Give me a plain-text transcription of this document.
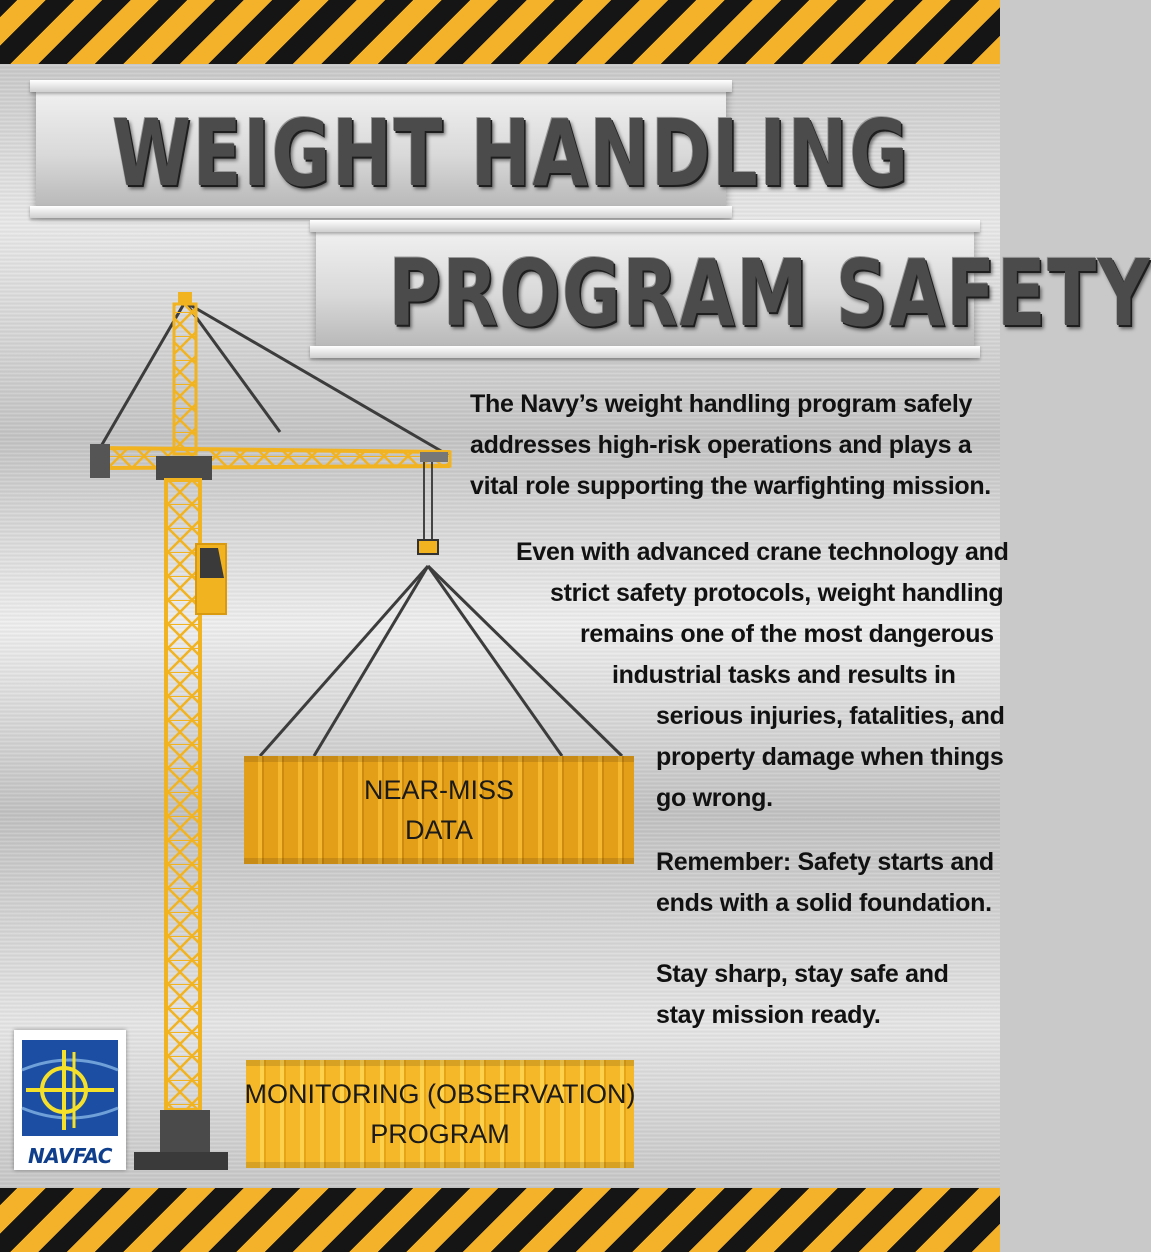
WEIGHT HANDLING
PROGRAM SAFETY
NEAR-MISS
DATA
MONITORING (OBSERVATION)
PROGRAM
The Navy’s weight handling program safely
addresses high-risk operations and plays a
vital role supporting the warfighting mission.
Even with advanced crane technology and
strict safety protocols, weight handling
remains one of the most dangerous
industrial tasks and results in
serious injuries, fatalities, and
property damage when things
go wrong.
Remember: Safety starts and
ends with a solid foundation.
Stay sharp, stay safe and
stay mission ready.
NAVFAC
